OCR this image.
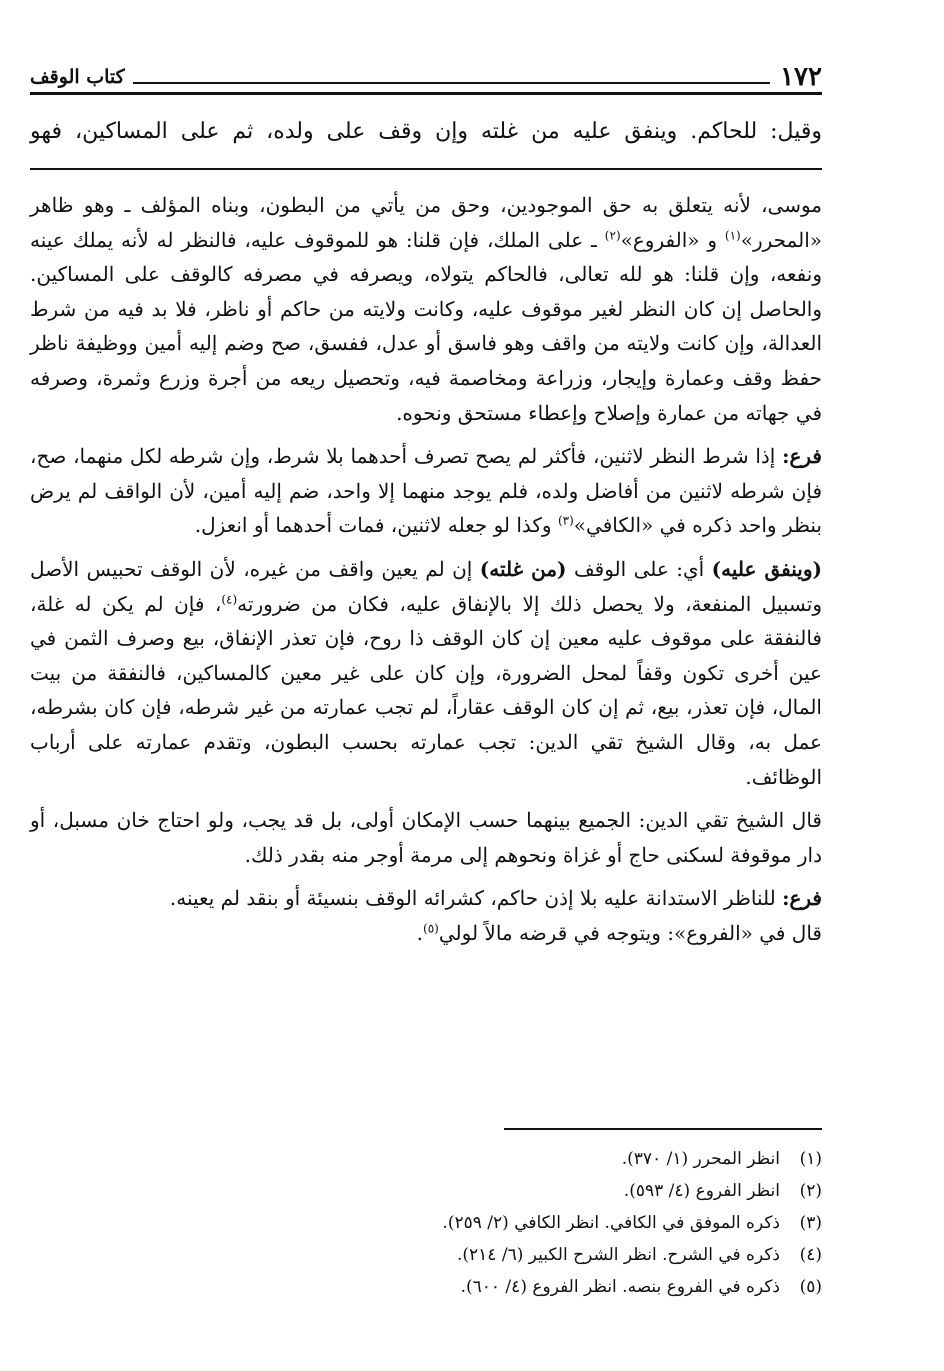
١٧٢
كتاب الوقف
وقيل: للحاكم. وينفق عليه من غلته وإن وقف على ولده، ثم على المساكين، فهو

موسى، لأنه يتعلق به حق الموجودين، وحق من يأتي من البطون، وبناه المؤلف ـ وهو ظاهر «المحرر»$^{(١)}$ و «الفروع»$^{(٢)}$ ـ على الملك، فإن قلنا: هو للموقوف عليه، فالنظر له لأنه يملك عينه ونفعه، وإن قلنا: هو لله تعالى، فالحاكم يتولاه، ويصرفه في مصرفه كالوقف على المساكين. والحاصل إن كان النظر لغير موقوف عليه، وكانت ولايته من حاكم أو ناظر، فلا بد فيه من شرط العدالة، وإن كانت ولايته من واقف وهو فاسق أو عدل، ففسق، صح وضم إليه أمين ووظيفة ناظر حفظ وقف وعمارة وإيجار، وزراعة ومخاصمة فيه، وتحصيل ريعه من أجرة وزرع وثمرة، وصرفه في جهاته من عمارة وإصلاح وإعطاء مستحق ونحوه.

فرع: إذا شرط النظر لاثنين، فأكثر لم يصح تصرف أحدهما بلا شرط، وإن شرطه لكل منهما، صح، فإن شرطه لاثنين من أفاضل ولده، فلم يوجد منهما إلا واحد، ضم إليه أمين، لأن الواقف لم يرض بنظر واحد ذكره في «الكافي»$^{(٣)}$ وكذا لو جعله لاثنين، فمات أحدهما أو انعزل.

(وينفق عليه) أي: على الوقف (من غلته) إن لم يعين واقف من غيره، لأن الوقف تحبيس الأصل وتسبيل المنفعة، ولا يحصل ذلك إلا بالإنفاق عليه، فكان من ضرورته$^{(٤)}$، فإن لم يكن له غلة، فالنفقة على موقوف عليه معين إن كان الوقف ذا روح، فإن تعذر الإنفاق، بيع وصرف الثمن في عين أخرى تكون وقفاً لمحل الضرورة، وإن كان على غير معين كالمساكين، فالنفقة من بيت المال، فإن تعذر، بيع، ثم إن كان الوقف عقاراً، لم تجب عمارته من غير شرطه، فإن كان بشرطه، عمل به، وقال الشيخ تقي الدين: تجب عمارته بحسب البطون، وتقدم عمارته على أرباب الوظائف.

قال الشيخ تقي الدين: الجميع بينهما حسب الإمكان أولى، بل قد يجب، ولو احتاج خان مسبل، أو دار موقوفة لسكنى حاج أو غزاة ونحوهم إلى مرمة أوجر منه بقدر ذلك.

فرع: للناظر الاستدانة عليه بلا إذن حاكم، كشرائه الوقف بنسيئة أو بنقد لم يعينه.
قال في «الفروع»: ويتوجه في قرضه مالاً لولي$^{(٥)}$.

(١)
انظر المحرر (١/ ٣٧٠).
(٢)
انظر الفروع (٤/ ٥٩٣).
(٣)
ذكره الموفق في الكافي. انظر الكافي (٢/ ٢٥٩).
(٤)
ذكره في الشرح. انظر الشرح الكبير (٦/ ٢١٤).
(٥)
ذكره في الفروع بنصه. انظر الفروع (٤/ ٦٠٠).
